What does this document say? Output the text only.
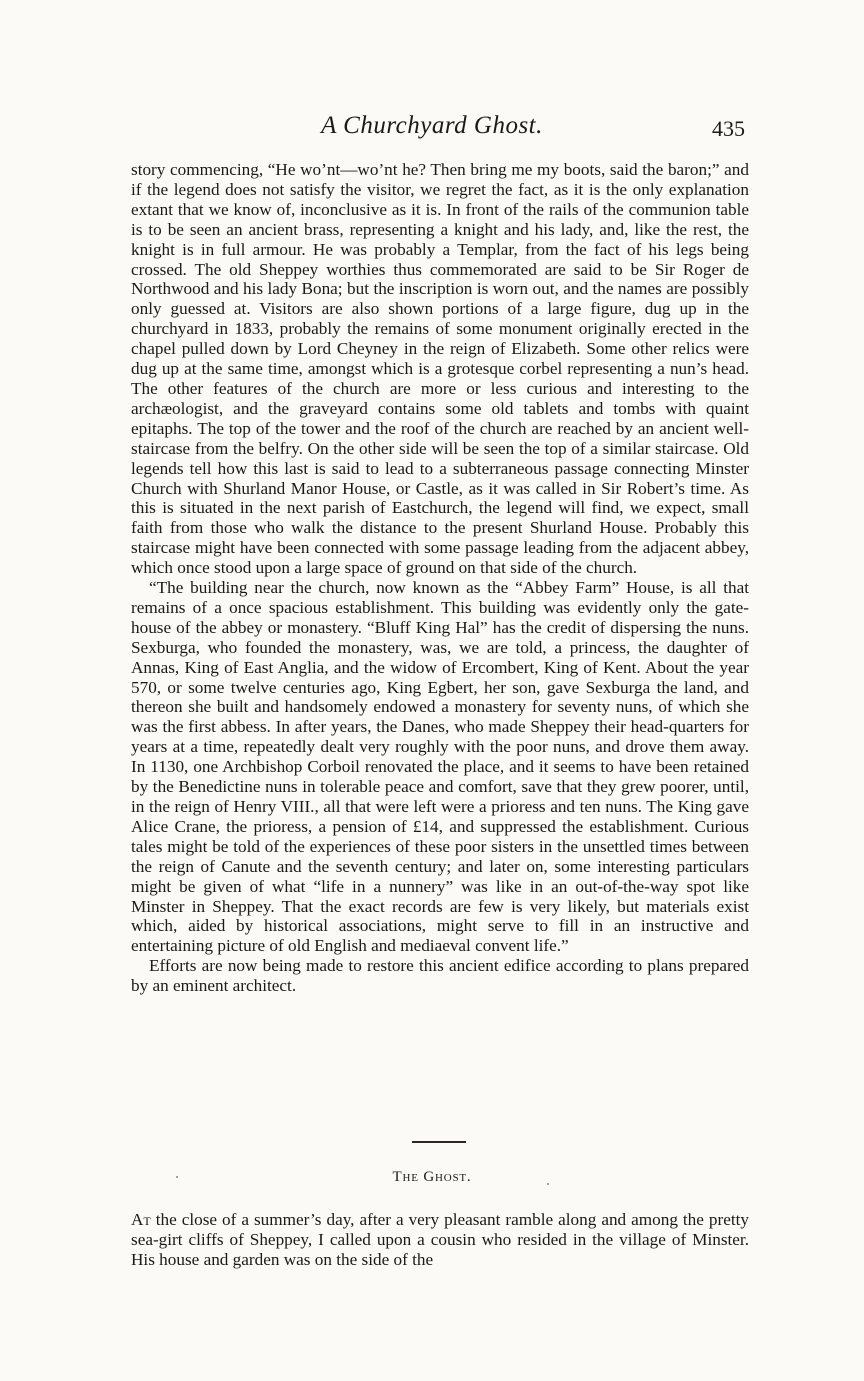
A Churchyard Ghost.	435

story commencing, “He wo’nt—wo’nt he? Then bring me my boots, said the baron;” and if the legend does not satisfy the visitor, we regret the fact, as it is the only explanation extant that we know of, inconclusive as it is. In front of the rails of the communion table is to be seen an ancient brass, representing a knight and his lady, and, like the rest, the knight is in full armour. He was probably a Templar, from the fact of his legs being crossed. The old Sheppey worthies thus commemorated are said to be Sir Roger de Northwood and his lady Bona; but the inscription is worn out, and the names are possibly only guessed at. Visitors are also shown portions of a large figure, dug up in the churchyard in 1833, probably the remains of some monument originally erected in the chapel pulled down by Lord Cheyney in the reign of Elizabeth. Some other relics were dug up at the same time, amongst which is a grotesque corbel representing a nun’s head. The other features of the church are more or less curious and interesting to the archæologist, and the graveyard contains some old tablets and tombs with quaint epitaphs. The top of the tower and the roof of the church are reached by an ancient well-staircase from the belfry. On the other side will be seen the top of a similar staircase. Old legends tell how this last is said to lead to a subterraneous passage connecting Minster Church with Shurland Manor House, or Castle, as it was called in Sir Robert’s time. As this is situated in the next parish of Eastchurch, the legend will find, we expect, small faith from those who walk the distance to the present Shurland House. Probably this staircase might have been connected with some passage leading from the adjacent abbey, which once stood upon a large space of ground on that side of the church.

“The building near the church, now known as the “Abbey Farm” House, is all that remains of a once spacious establishment. This building was evidently only the gate-house of the abbey or monastery. “Bluff King Hal” has the credit of dispersing the nuns. Sexburga, who founded the monastery, was, we are told, a princess, the daughter of Annas, King of East Anglia, and the widow of Ercombert, King of Kent. About the year 570, or some twelve centuries ago, King Egbert, her son, gave Sexburga the land, and thereon she built and handsomely endowed a monastery for seventy nuns, of which she was the first abbess. In after years, the Danes, who made Sheppey their head-quarters for years at a time, repeatedly dealt very roughly with the poor nuns, and drove them away. In 1130, one Archbishop Corboil renovated the place, and it seems to have been retained by the Benedictine nuns in tolerable peace and comfort, save that they grew poorer, until, in the reign of Henry VIII., all that were left were a prioress and ten nuns. The King gave Alice Crane, the prioress, a pension of £14, and suppressed the establishment. Curious tales might be told of the experiences of these poor sisters in the unsettled times between the reign of Canute and the seventh century; and later on, some interesting particulars might be given of what “life in a nunnery” was like in an out-of-the-way spot like Minster in Sheppey. That the exact records are few is very likely, but materials exist which, aided by historical associations, might serve to fill in an instructive and entertaining picture of old English and mediaeval convent life.”

Efforts are now being made to restore this ancient edifice according to plans prepared by an eminent architect.

The Ghost.

At the close of a summer’s day, after a very pleasant ramble along and among the pretty sea-girt cliffs of Sheppey, I called upon a cousin who resided in the village of Minster. His house and garden was on the side of the
